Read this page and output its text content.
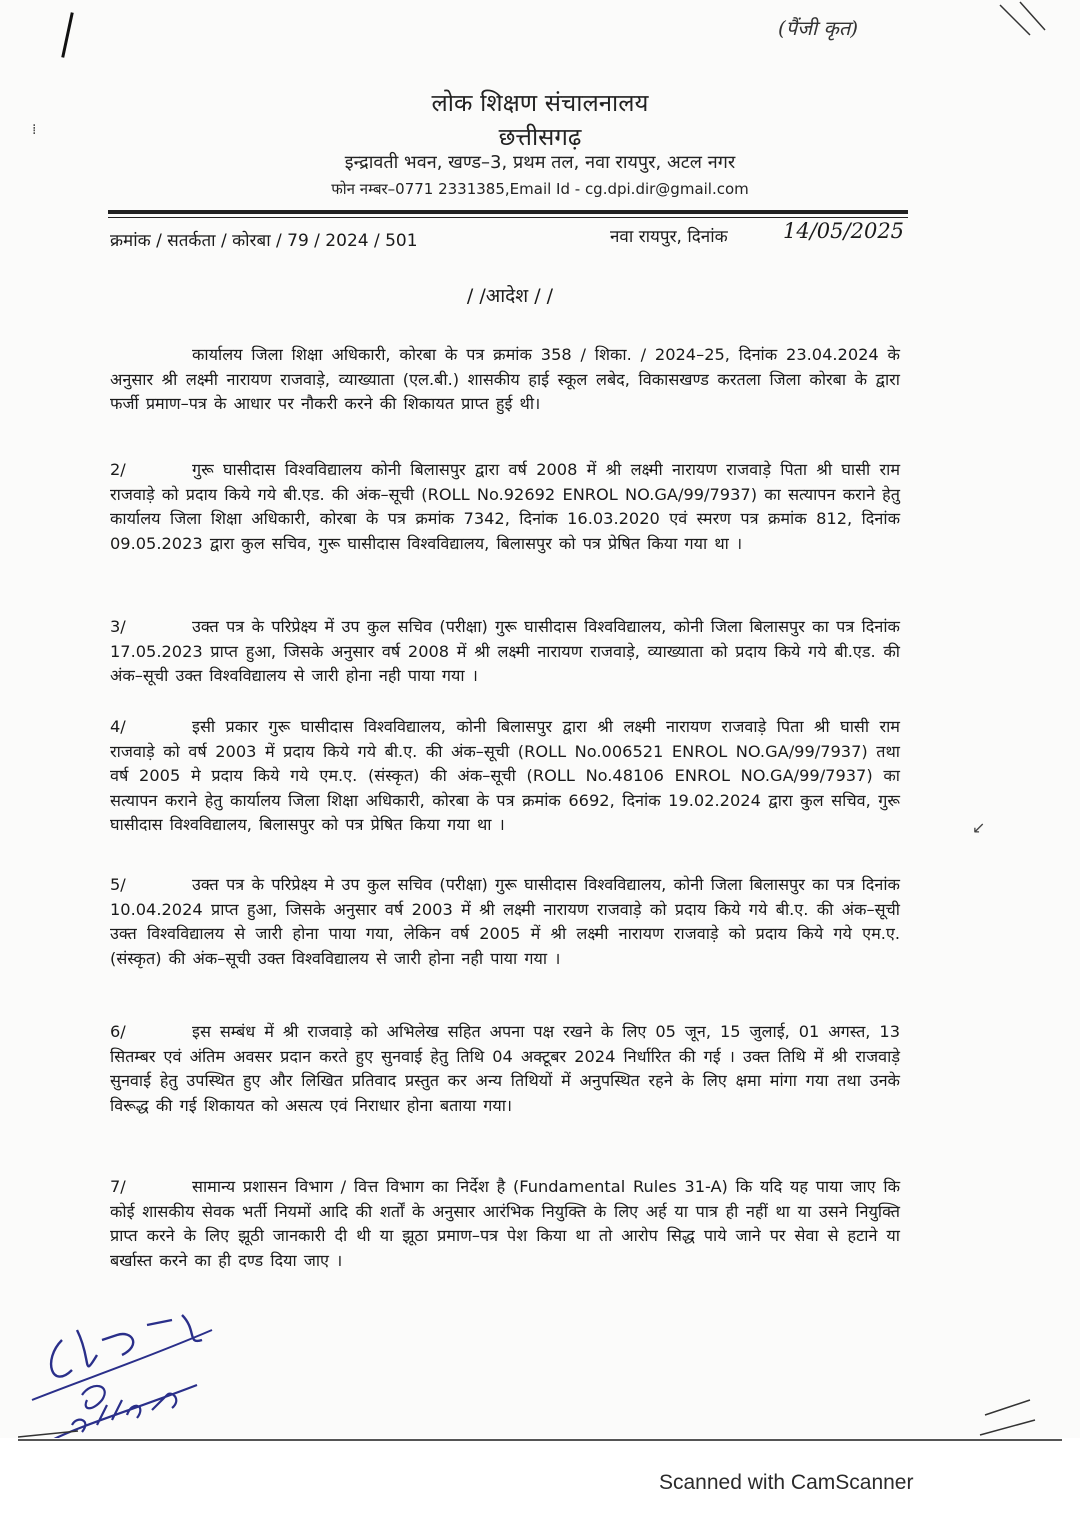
(पैंजी कृत)
⁞
लोक शिक्षण संचालनालय
छत्तीसगढ़
इन्द्रावती भवन, खण्ड–3, प्रथम तल, नवा रायपुर, अटल नगर
फोन नम्बर–0771 2331385,Email Id - cg.dpi.dir@gmail.com
क्रमांक / सतर्कता / कोरबा / 79 / 2024 / 501	नवा रायपुर, दिनांक	14/05/2025
/ /आदेश / /
कार्यालय जिला शिक्षा अधिकारी, कोरबा के पत्र क्रमांक 358 / शिका. / 2024–25, दिनांक 23.04.2024 के अनुसार श्री लक्ष्मी नारायण राजवाड़े, व्याख्याता (एल.बी.) शासकीय हाई स्कूल लबेद, विकासखण्ड करतला जिला कोरबा के द्वारा फर्जी प्रमाण–पत्र के आधार पर नौकरी करने की शिकायत प्राप्त हुई थी।
2/	गुरू घासीदास विश्वविद्यालय कोनी बिलासपुर द्वारा वर्ष 2008 में श्री लक्ष्मी नारायण राजवाड़े पिता श्री घासी राम राजवाड़े को प्रदाय किये गये बी.एड. की अंक–सूची (ROLL No.92692 ENROL NO.GA/99/7937) का सत्यापन कराने हेतु कार्यालय जिला शिक्षा अधिकारी, कोरबा के पत्र क्रमांक 7342, दिनांक 16.03.2020 एवं स्मरण पत्र क्रमांक 812, दिनांक 09.05.2023 द्वारा कुल सचिव, गुरू घासीदास विश्वविद्यालय, बिलासपुर को पत्र प्रेषित किया गया था ।
3/	उक्त पत्र के परिप्रेक्ष्य में उप कुल सचिव (परीक्षा) गुरू घासीदास विश्वविद्यालय, कोनी जिला बिलासपुर का पत्र दिनांक 17.05.2023 प्राप्त हुआ, जिसके अनुसार वर्ष 2008 में श्री लक्ष्मी नारायण राजवाड़े, व्याख्याता को प्रदाय किये गये बी.एड. की अंक–सूची उक्त विश्वविद्यालय से जारी होना नही पाया गया ।
4/	इसी प्रकार गुरू घासीदास विश्वविद्यालय, कोनी बिलासपुर द्वारा श्री लक्ष्मी नारायण राजवाड़े पिता श्री घासी राम राजवाड़े को वर्ष 2003 में प्रदाय किये गये बी.ए. की अंक–सूची (ROLL No.006521 ENROL NO.GA/99/7937) तथा वर्ष 2005 मे प्रदाय किये गये एम.ए. (संस्कृत) की अंक–सूची (ROLL No.48106 ENROL NO.GA/99/7937) का सत्यापन कराने हेतु कार्यालय जिला शिक्षा अधिकारी, कोरबा के पत्र क्रमांक 6692, दिनांक 19.02.2024 द्वारा कुल सचिव, गुरू घासीदास विश्वविद्यालय, बिलासपुर को पत्र प्रेषित किया गया था ।
5/	उक्त पत्र के परिप्रेक्ष्य मे उप कुल सचिव (परीक्षा) गुरू घासीदास विश्वविद्यालय, कोनी जिला बिलासपुर का पत्र दिनांक 10.04.2024 प्राप्त हुआ, जिसके अनुसार वर्ष 2003 में श्री लक्ष्मी नारायण राजवाड़े को प्रदाय किये गये बी.ए. की अंक–सूची उक्त विश्वविद्यालय से जारी होना पाया गया, लेकिन वर्ष 2005 में श्री लक्ष्मी नारायण राजवाड़े को प्रदाय किये गये एम.ए. (संस्कृत) की अंक–सूची उक्त विश्वविद्यालय से जारी होना नही पाया गया ।
6/	इस सम्बंध में श्री राजवाड़े को अभिलेख सहित अपना पक्ष रखने के लिए 05 जून, 15 जुलाई, 01 अगस्त, 13 सितम्बर एवं अंतिम अवसर प्रदान करते हुए सुनवाई हेतु तिथि 04 अक्टूबर 2024 निर्धारित की गई । उक्त तिथि में श्री राजवाड़े सुनवाई हेतु उपस्थित हुए और लिखित प्रतिवाद प्रस्तुत कर अन्य तिथियों में अनुपस्थित रहने के लिए क्षमा मांगा गया तथा उनके विरूद्ध की गई शिकायत को असत्य एवं निराधार होना बताया गया।
7/	सामान्य प्रशासन विभाग / वित्त विभाग का निर्देश है (Fundamental Rules 31-A) कि यदि यह पाया जाए कि कोई शासकीय सेवक भर्ती नियमों आदि की शर्तों के अनुसार आरंभिक नियुक्ति के लिए अर्ह या पात्र ही नहीं था या उसने नियुक्ति प्राप्त करने के लिए झूठी जानकारी दी थी या झूठा प्रमाण–पत्र पेश किया था तो आरोप सिद्ध पाये जाने पर सेवा से हटाने या बर्खास्त करने का ही दण्ड दिया जाए ।
↙
Scanned with CamScanner
